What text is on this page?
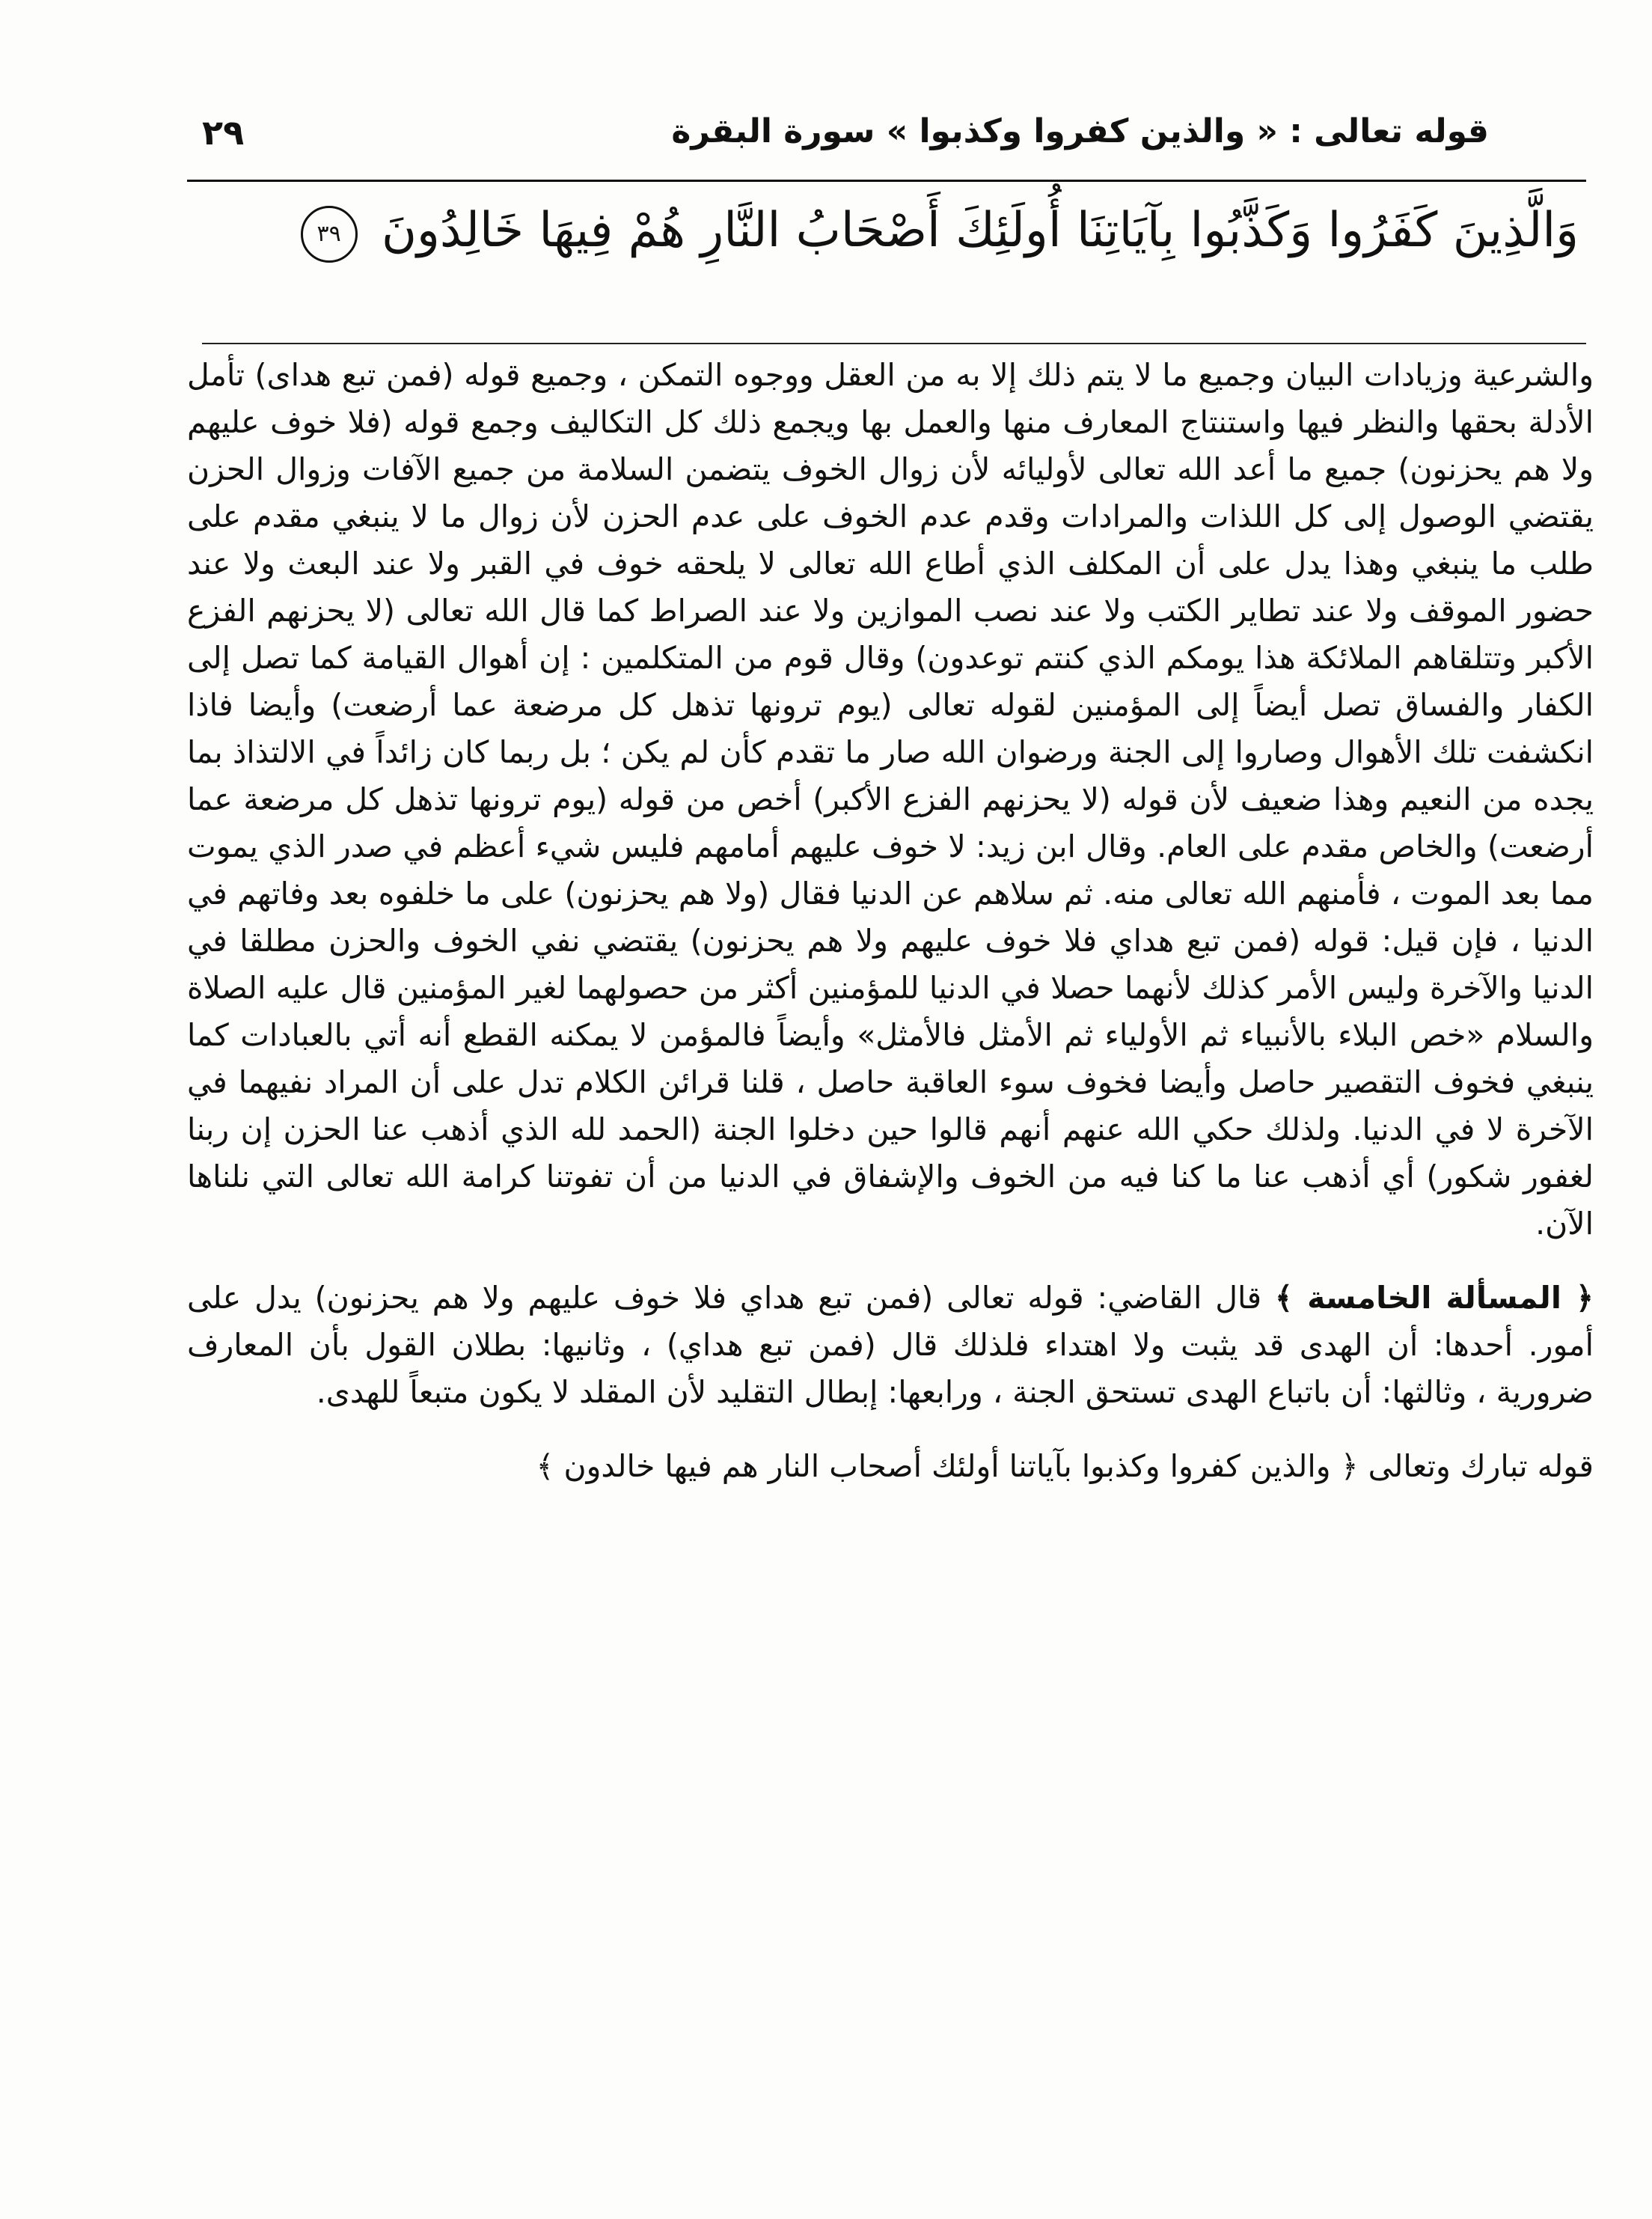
قوله تعالى : « والذين كفروا وكذبوا » سورة البقرة
٢٩
وَالَّذِينَ كَفَرُوا وَكَذَّبُوا بِآيَاتِنَا أُولَئِكَ أَصْحَابُ النَّارِ هُمْ فِيهَا خَالِدُونَ ٣٩

والشرعية وزيادات البيان وجميع ما لا يتم ذلك إلا به من العقل ووجوه التمكن ، وجميع قوله (فمن تبع هداى) تأمل الأدلة بحقها والنظر فيها واستنتاج المعارف منها والعمل بها ويجمع ذلك كل التكاليف وجمع قوله (فلا خوف عليهم ولا هم يحزنون) جميع ما أعد الله تعالى لأوليائه لأن زوال الخوف يتضمن السلامة من جميع الآفات وزوال الحزن يقتضي الوصول إلى كل اللذات والمرادات وقدم عدم الخوف على عدم الحزن لأن زوال ما لا ينبغي مقدم على طلب ما ينبغي وهذا يدل على أن المكلف الذي أطاع الله تعالى لا يلحقه خوف في القبر ولا عند البعث ولا عند حضور الموقف ولا عند تطاير الكتب ولا عند نصب الموازين ولا عند الصراط كما قال الله تعالى (لا يحزنهم الفزع الأكبر وتتلقاهم الملائكة هذا يومكم الذي كنتم توعدون) وقال قوم من المتكلمين : إن أهوال القيامة كما تصل إلى الكفار والفساق تصل أيضاً إلى المؤمنين لقوله تعالى (يوم ترونها تذهل كل مرضعة عما أرضعت) وأيضا فاذا انكشفت تلك الأهوال وصاروا إلى الجنة ورضوان الله صار ما تقدم كأن لم يكن ؛ بل ربما كان زائداً في الالتذاذ بما يجده من النعيم وهذا ضعيف لأن قوله (لا يحزنهم الفزع الأكبر) أخص من قوله (يوم ترونها تذهل كل مرضعة عما أرضعت) والخاص مقدم على العام. وقال ابن زيد: لا خوف عليهم أمامهم فليس شيء أعظم في صدر الذي يموت مما بعد الموت ، فأمنهم الله تعالى منه. ثم سلاهم عن الدنيا فقال (ولا هم يحزنون) على ما خلفوه بعد وفاتهم في الدنيا ، فإن قيل: قوله (فمن تبع هداي فلا خوف عليهم ولا هم يحزنون) يقتضي نفي الخوف والحزن مطلقا في الدنيا والآخرة وليس الأمر كذلك لأنهما حصلا في الدنيا للمؤمنين أكثر من حصولهما لغير المؤمنين قال عليه الصلاة والسلام «خص البلاء بالأنبياء ثم الأولياء ثم الأمثل فالأمثل» وأيضاً فالمؤمن لا يمكنه القطع أنه أتي بالعبادات كما ينبغي فخوف التقصير حاصل وأيضا فخوف سوء العاقبة حاصل ، قلنا قرائن الكلام تدل على أن المراد نفيهما في الآخرة لا في الدنيا. ولذلك حكي الله عنهم أنهم قالوا حين دخلوا الجنة (الحمد لله الذي أذهب عنا الحزن إن ربنا لغفور شكور) أي أذهب عنا ما كنا فيه من الخوف والإشفاق في الدنيا من أن تفوتنا كرامة الله تعالى التي نلناها الآن.

﴿ المسألة الخامسة ﴾ قال القاضي: قوله تعالى (فمن تبع هداي فلا خوف عليهم ولا هم يحزنون) يدل على أمور. أحدها: أن الهدى قد يثبت ولا اهتداء فلذلك قال (فمن تبع هداي) ، وثانيها: بطلان القول بأن المعارف ضرورية ، وثالثها: أن باتباع الهدى تستحق الجنة ، ورابعها: إبطال التقليد لأن المقلد لا يكون متبعاً للهدى.

قوله تبارك وتعالى ﴿ والذين كفروا وكذبوا بآياتنا أولئك أصحاب النار هم فيها خالدون ﴾
